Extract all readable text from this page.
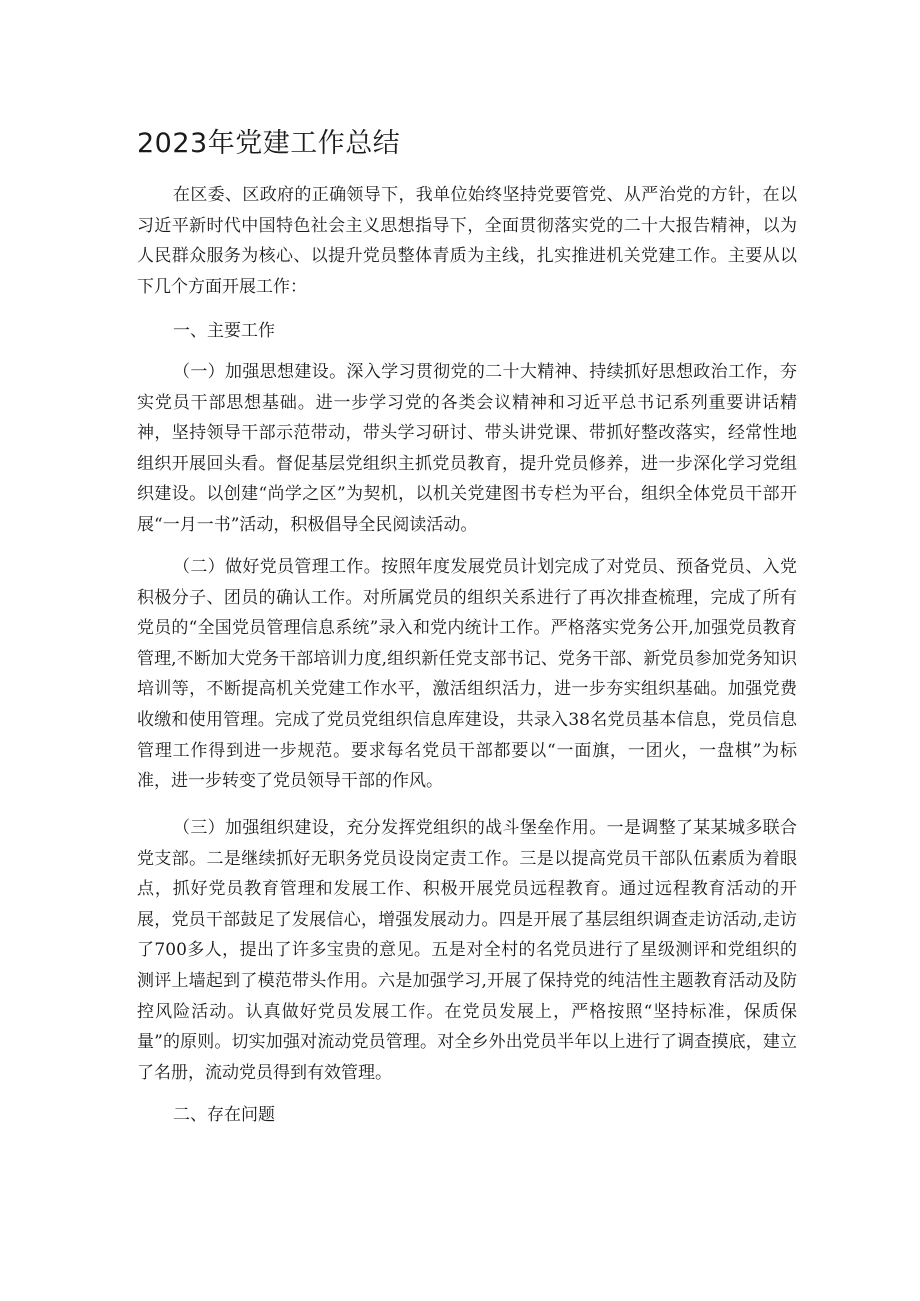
2023年党建工作总结

在区委、区政府的正确领导下，我单位始终坚持党要管党、从严治党的方针，在以习近平新时代中国特色社会主义思想指导下，全面贯彻落实党的二十大报告精神，以为人民群众服务为核心、以提升党员整体青质为主线，扎实推进机关党建工作。主要从以下几个方面开展工作：

一、主要工作

（一）加强思想建设。深入学习贯彻党的二十大精神、持续抓好思想政治工作，夯实党员干部思想基础。进一步学习党的各类会议精神和习近平总书记系列重要讲话精神，坚持领导干部示范带动，带头学习研讨、带头讲党课、带抓好整改落实，经常性地组织开展回头看。督促基层党组织主抓党员教育，提升党员修养，进一步深化学习党组织建设。以创建“尚学之区”为契机，以机关党建图书专栏为平台，组织全体党员干部开展“一月一书”活动，积极倡导全民阅读活动。

（二）做好党员管理工作。按照年度发展党员计划完成了对党员、预备党员、入党积极分子、团员的确认工作。对所属党员的组织关系进行了再次排查梳理，完成了所有党员的“全国党员管理信息系统”录入和党内统计工作。严格落实党务公开,加强党员教育管理,不断加大党务干部培训力度,组织新任党支部书记、党务干部、新党员参加党务知识培训等，不断提高机关党建工作水平，激活组织活力，进一步夯实组织基础。加强党费收缴和使用管理。完成了党员党组织信息库建设，共录入38名党员基本信息，党员信息管理工作得到进一步规范。要求每名党员干部都要以“一面旗，一团火，一盘棋”为标准，进一步转变了党员领导干部的作风。

（三）加强组织建设，充分发挥党组织的战斗堡垒作用。一是调整了某某城多联合党支部。二是继续抓好无职务党员设岗定责工作。三是以提高党员干部队伍素质为着眼点，抓好党员教育管理和发展工作、积极开展党员远程教育。通过远程教育活动的开展，党员干部鼓足了发展信心，增强发展动力。四是开展了基层组织调查走访活动,走访了700多人，提出了许多宝贵的意见。五是对全村的名党员进行了星级测评和党组织的测评上墙起到了模范带头作用。六是加强学习,开展了保持党的纯洁性主题教育活动及防控风险活动。认真做好党员发展工作。在党员发展上，严格按照“坚持标准，保质保量”的原则。切实加强对流动党员管理。对全乡外出党员半年以上进行了调查摸底，建立了名册，流动党员得到有效管理。

二、存在问题
